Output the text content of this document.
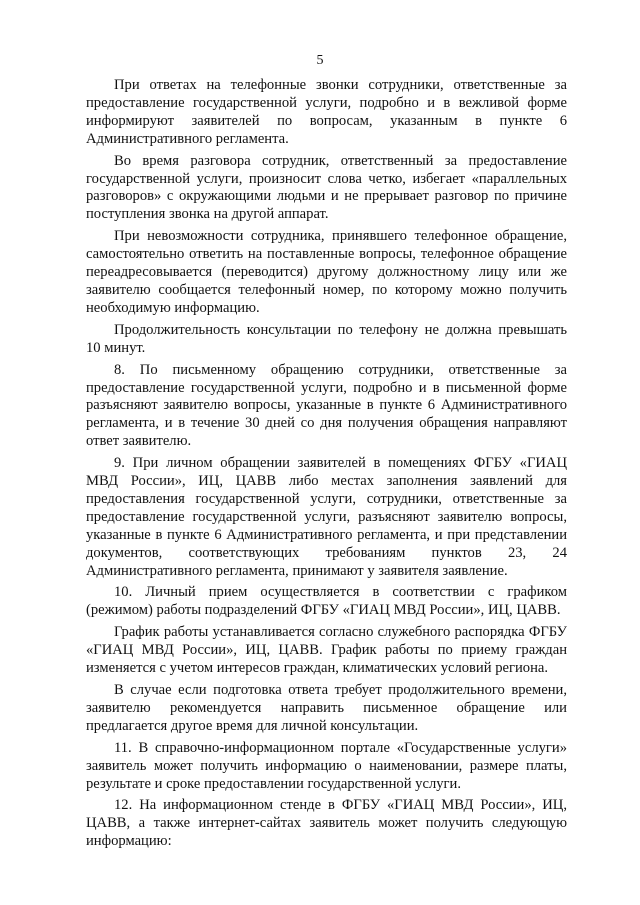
5

При ответах на телефонные звонки сотрудники, ответственные за предоставление государственной услуги, подробно и в вежливой форме информируют заявителей по вопросам, указанным в пункте 6 Административного регламента.

Во время разговора сотрудник, ответственный за предоставление государственной услуги, произносит слова четко, избегает «параллельных разговоров» с окружающими людьми и не прерывает разговор по причине поступления звонка на другой аппарат.

При невозможности сотрудника, принявшего телефонное обращение, самостоятельно ответить на поставленные вопросы, телефонное обращение переадресовывается (переводится) другому должностному лицу или же заявителю сообщается телефонный номер, по которому можно получить необходимую информацию.

Продолжительность консультации по телефону не должна превышать 10 минут.

8. По письменному обращению сотрудники, ответственные за предоставление государственной услуги, подробно и в письменной форме разъясняют заявителю вопросы, указанные в пункте 6 Административного регламента, и в течение 30 дней со дня получения обращения направляют ответ заявителю.

9. При личном обращении заявителей в помещениях ФГБУ «ГИАЦ МВД России», ИЦ, ЦАВВ либо местах заполнения заявлений для предоставления государственной услуги, сотрудники, ответственные за предоставление государственной услуги, разъясняют заявителю вопросы, указанные в пункте 6 Административного регламента, и при представлении документов, соответствующих требованиям пунктов 23, 24 Административного регламента, принимают у заявителя заявление.

10. Личный прием осуществляется в соответствии с графиком (режимом) работы подразделений ФГБУ «ГИАЦ МВД России», ИЦ, ЦАВВ.

График работы устанавливается согласно служебного распорядка ФГБУ «ГИАЦ МВД России», ИЦ, ЦАВВ. График работы по приему граждан изменяется с учетом интересов граждан, климатических условий региона.

В случае если подготовка ответа требует продолжительного времени, заявителю рекомендуется направить письменное обращение или предлагается другое время для личной консультации.

11. В справочно-информационном портале «Государственные услуги» заявитель может получить информацию о наименовании, размере платы, результате и сроке предоставлении государственной услуги.

12. На информационном стенде в ФГБУ «ГИАЦ МВД России», ИЦ, ЦАВВ, а также интернет-сайтах заявитель может получить следующую информацию:
